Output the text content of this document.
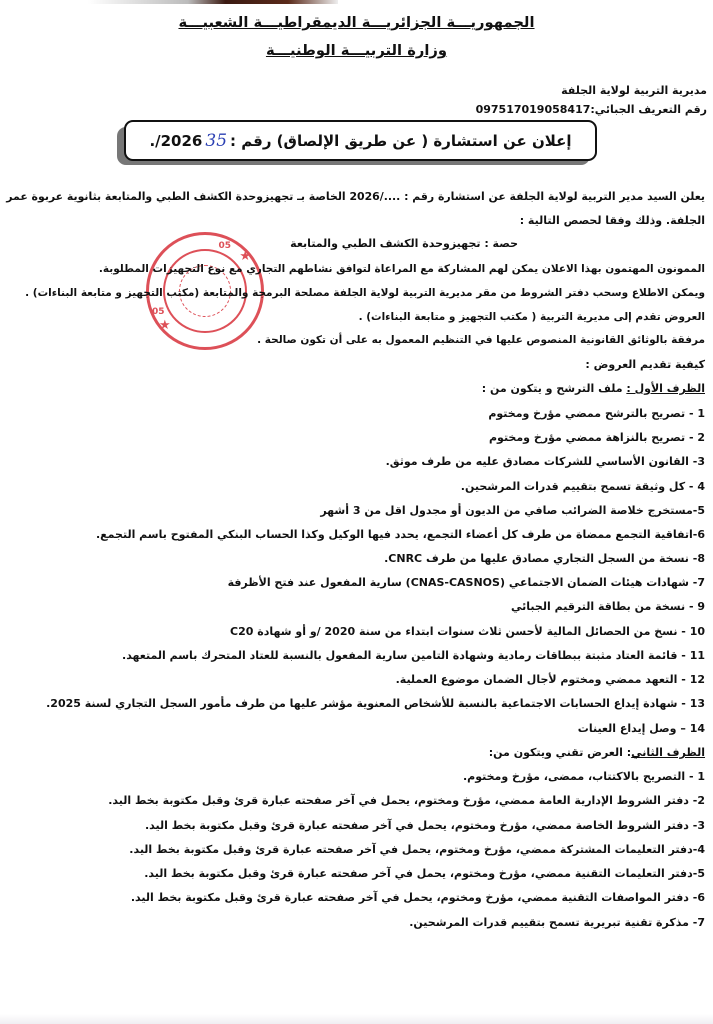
الجمهوريـــة الجزائريـــة الديمقراطيـــة الشعبيـــة
وزارة التربيـــة الوطنيـــة
مديرية التربية لولاية الجلفة
رقم التعريف الجبائي:097517019058417
إعلان عن استشارة ( عن طريق الإلصاق) رقم :
35
./2026
يعلن السيد مدير التربية لولاية الجلفة عن استشارة رقم : ..../2026 الخاصة بـ تجهيزوحدة الكشف الطبي والمتابعة بثانوية عربوة عمر
الجلفة. وذلك وفقا لحصص التالية :
حصة : تجهيزوحدة الكشف الطبي والمتابعة
★
★
05
05
الممونون المهتمون بهذا الاعلان يمكن لهم المشاركة مع المراعاة لتوافق نشاطهم التجاري مع نوع التجهيزات المطلوبة.
ويمكن الاطلاع وسحب دفتر الشروط من مقر مديرية التربية لولاية الجلفة مصلحة البرمجة والمتابعة (مكتب التجهيز و متابعة البناءات) .
العروض تقدم إلى مديرية التربية ( مكتب التجهيز و متابعة البناءات) .
مرفقة بالوثائق القانونية المنصوص عليها في التنظيم المعمول به على أن تكون صالحة .
كيفية تقديم العروض :
الظرف الأول : ملف الترشح و يتكون من :
1 - تصريح بالترشح ممضي مؤرخ ومختوم
2 - تصريح بالنزاهة ممضي مؤرخ ومختوم
3- القانون الأساسي للشركات مصادق عليه من طرف موثق.
4 - كل وثيقة تسمح بتقييم قدرات المرشحين.
5-مستخرج خلاصة الضرائب صافي من الديون أو مجدول اقل من 3 أشهر
6-اتفاقية التجمع ممضاة من طرف كل أعضاء التجمع، يحدد فيها الوكيل وكذا الحساب البنكي المفتوح باسم التجمع.
8- نسخة من السجل التجاري مصادق عليها من طرف CNRC.
7- شهادات هيئات الضمان الاجتماعي (CNAS-CASNOS) سارية المفعول عند فتح الأظرفة
9 - نسخة من بطاقة الترقيم الجبائي
10 - نسخ من الحصائل المالية لأحسن ثلاث سنوات ابتداء من سنة 2020 /و أو شهادة C20
11 - قائمة العتاد مثبتة ببطاقات رمادية وشهادة التامين سارية المفعول بالنسبة للعتاد المتحرك باسم المتعهد.
12 - التعهد ممضي ومختوم لأجال الضمان موضوع العملية.
13 - شهادة إيداع الحسابات الاجتماعية بالنسبة للأشخاص المعنوية مؤشر عليها من طرف مأمور السجل التجاري لسنة 2025.
14 – وصل إيداع العينات
الظرف الثاني: العرض تقني ويتكون من:
1 - التصريح بالاكتتاب، ممضى، مؤرخ ومختوم.
2- دفتر الشروط الإدارية العامة ممضي، مؤرخ ومختوم، يحمل في آخر صفحته عبارة قرئ وقبل مكتوبة بخط اليد.
3- دفتر الشروط الخاصة ممضي، مؤرخ ومختوم، يحمل في آخر صفحته عبارة قرئ وقبل مكتوبة بخط اليد.
4-دفتر التعليمات المشتركة ممضي، مؤرخ ومختوم، يحمل في آخر صفحته عبارة قرئ وقبل مكتوبة بخط اليد.
5-دفتر التعليمات التقنية ممضي، مؤرخ ومختوم، يحمل في آخر صفحته عبارة قرئ وقبل مكتوبة بخط اليد.
6- دفتر المواصفات التقنية ممضي، مؤرخ ومختوم، يحمل في آخر صفحته عبارة قرئ وقبل مكتوبة بخط اليد.
7- مذكرة تقنية تبريرية تسمح بتقييم قدرات المرشحين.
